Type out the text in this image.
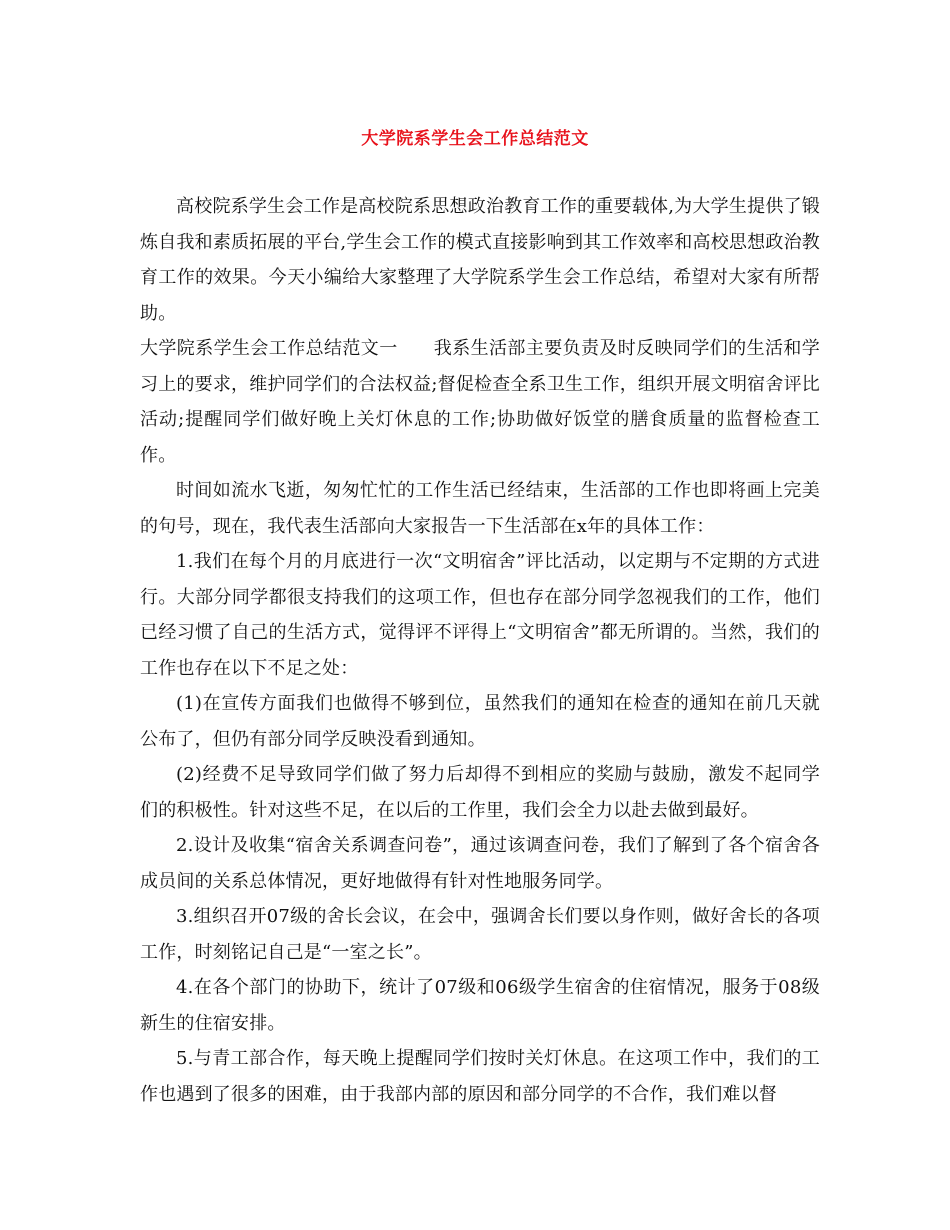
大学院系学生会工作总结范文

高校院系学生会工作是高校院系思想政治教育工作的重要载体,为大学生提供了锻炼自我和素质拓展的平台,学生会工作的模式直接影响到其工作效率和高校思想政治教育工作的效果。今天小编给大家整理了大学院系学生会工作总结，希望对大家有所帮助。

大学院系学生会工作总结范文一 我系生活部主要负责及时反映同学们的生活和学习上的要求，维护同学们的合法权益;督促检查全系卫生工作，组织开展文明宿舍评比活动;提醒同学们做好晚上关灯休息的工作;协助做好饭堂的膳食质量的监督检查工作。

时间如流水飞逝，匆匆忙忙的工作生活已经结束，生活部的工作也即将画上完美的句号，现在，我代表生活部向大家报告一下生活部在x年的具体工作：

1.我们在每个月的月底进行一次“文明宿舍”评比活动，以定期与不定期的方式进行。大部分同学都很支持我们的这项工作，但也存在部分同学忽视我们的工作，他们已经习惯了自己的生活方式，觉得评不评得上“文明宿舍”都无所谓的。当然，我们的工作也存在以下不足之处：

(1)在宣传方面我们也做得不够到位，虽然我们的通知在检查的通知在前几天就公布了，但仍有部分同学反映没看到通知。

(2)经费不足导致同学们做了努力后却得不到相应的奖励与鼓励，激发不起同学们的积极性。针对这些不足，在以后的工作里，我们会全力以赴去做到最好。

2.设计及收集“宿舍关系调查问卷”，通过该调查问卷，我们了解到了各个宿舍各成员间的关系总体情况，更好地做得有针对性地服务同学。

3.组织召开07级的舍长会议，在会中，强调舍长们要以身作则，做好舍长的各项工作，时刻铭记自己是“一室之长”。

4.在各个部门的协助下，统计了07级和06级学生宿舍的住宿情况，服务于08级新生的住宿安排。

5.与青工部合作，每天晚上提醒同学们按时关灯休息。在这项工作中，我们的工作也遇到了很多的困难，由于我部内部的原因和部分同学的不合作，我们难以督
